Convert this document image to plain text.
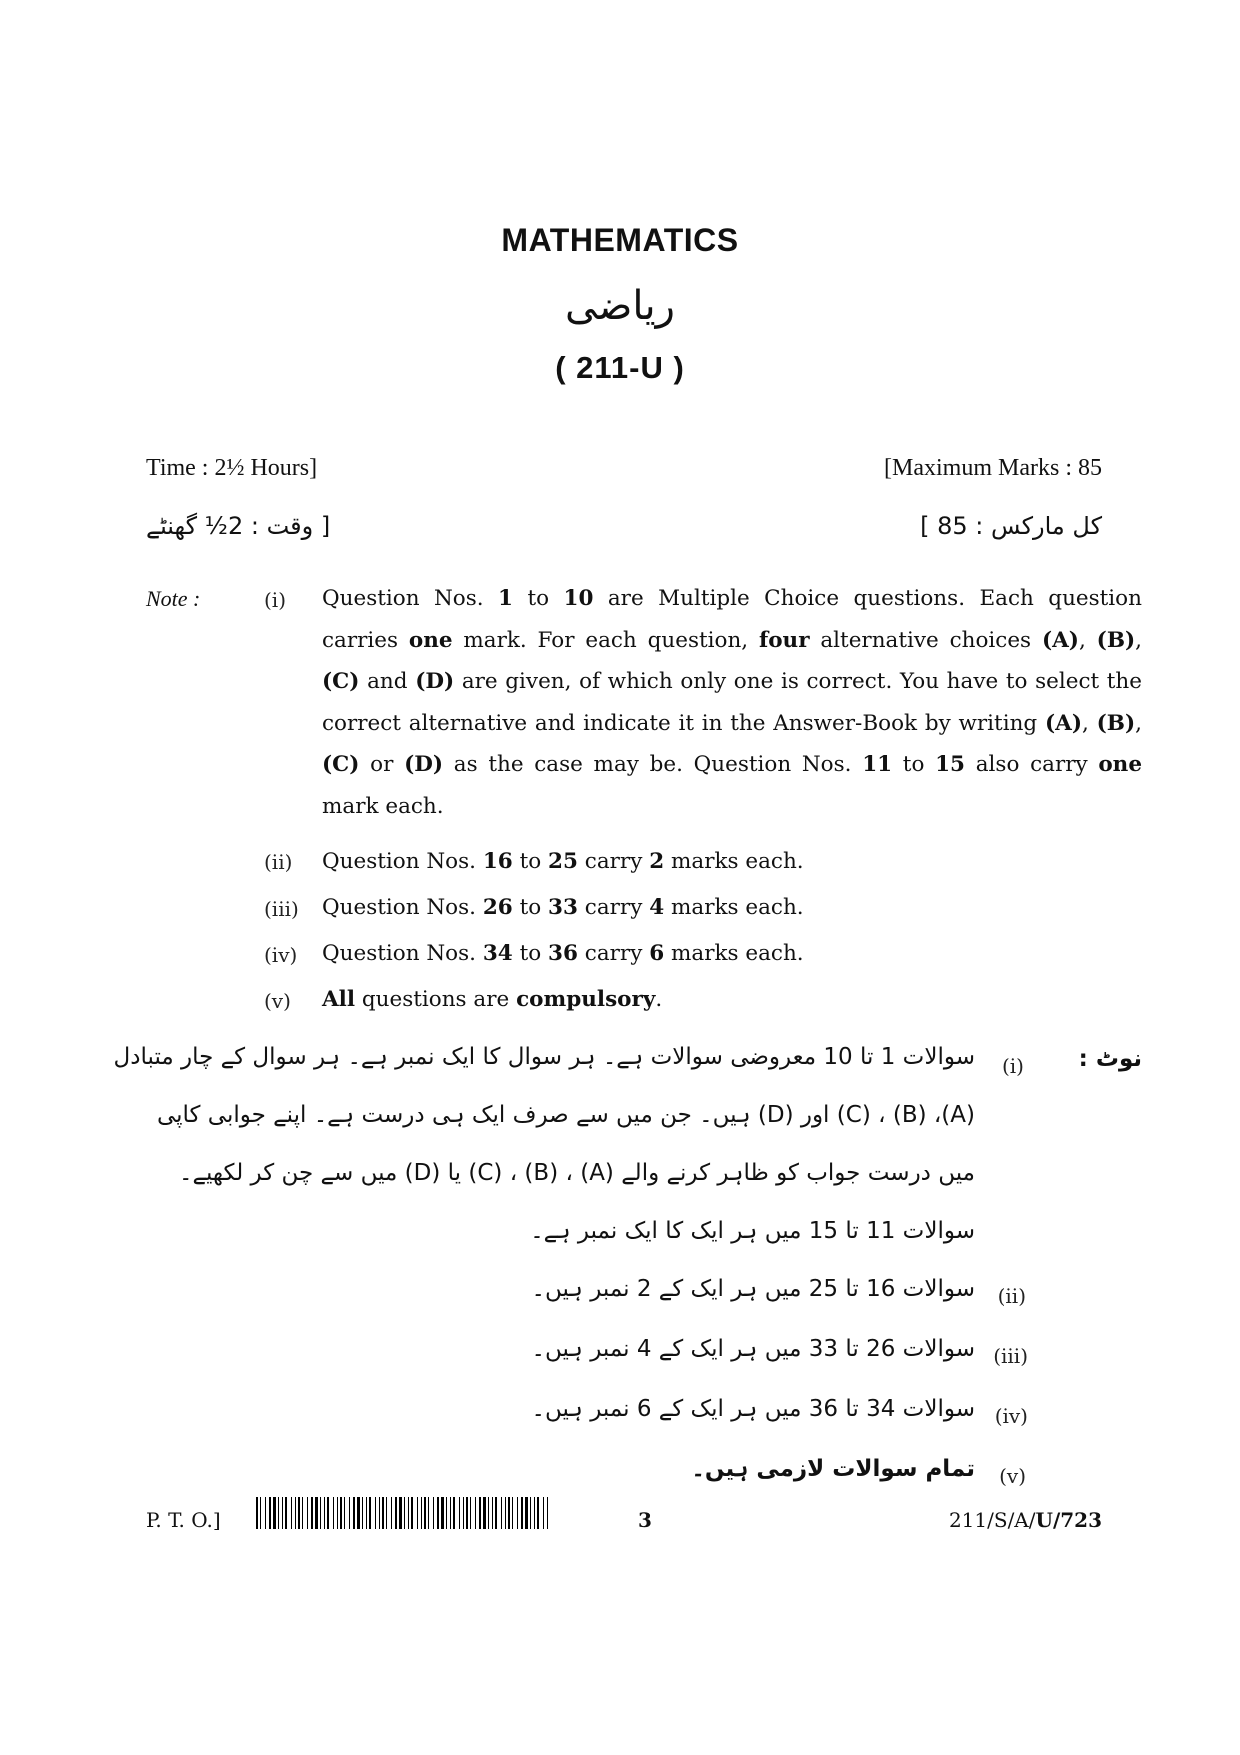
MATHEMATICS
ریاضی
( 211-U )
Time : 2½ Hours]	[Maximum Marks : 85
[ وقت : 2½ گھنٹے	کل مارکس : 85 ]
Note :	(i) Question Nos. 1 to 10 are Multiple Choice questions. Each question carries one mark. For each question, four alternative choices (A), (B), (C) and (D) are given, of which only one is correct. You have to select the correct alternative and indicate it in the Answer-Book by writing (A), (B), (C) or (D) as the case may be. Question Nos. 11 to 15 also carry one mark each.
(ii) Question Nos. 16 to 25 carry 2 marks each.
(iii) Question Nos. 26 to 33 carry 4 marks each.
(iv) Question Nos. 34 to 36 carry 6 marks each.
(v) All questions are compulsory.
نوٹ :
(i)
سوالات 1 تا 10 معروضی سوالات ہے۔ ہر سوال کا ایک نمبر ہے۔ ہر سوال کے چار متبادل
(A)، (B) ، (C) اور (D) ہیں۔ جن میں سے صرف ایک ہی درست ہے۔ اپنے جوابی کاپی
میں درست جواب کو ظاہر کرنے والے (A) ، (B) ، (C) یا (D) میں سے چن کر لکھیے۔
سوالات 11 تا 15 میں ہر ایک کا ایک نمبر ہے۔
(ii)
سوالات 16 تا 25 میں ہر ایک کے 2 نمبر ہیں۔
(iii)
سوالات 26 تا 33 میں ہر ایک کے 4 نمبر ہیں۔
(iv)
سوالات 34 تا 36 میں ہر ایک کے 6 نمبر ہیں۔
(v)
تمام سوالات لازمی ہیں۔
P. T. O.]	3	211/S/A/U/723
